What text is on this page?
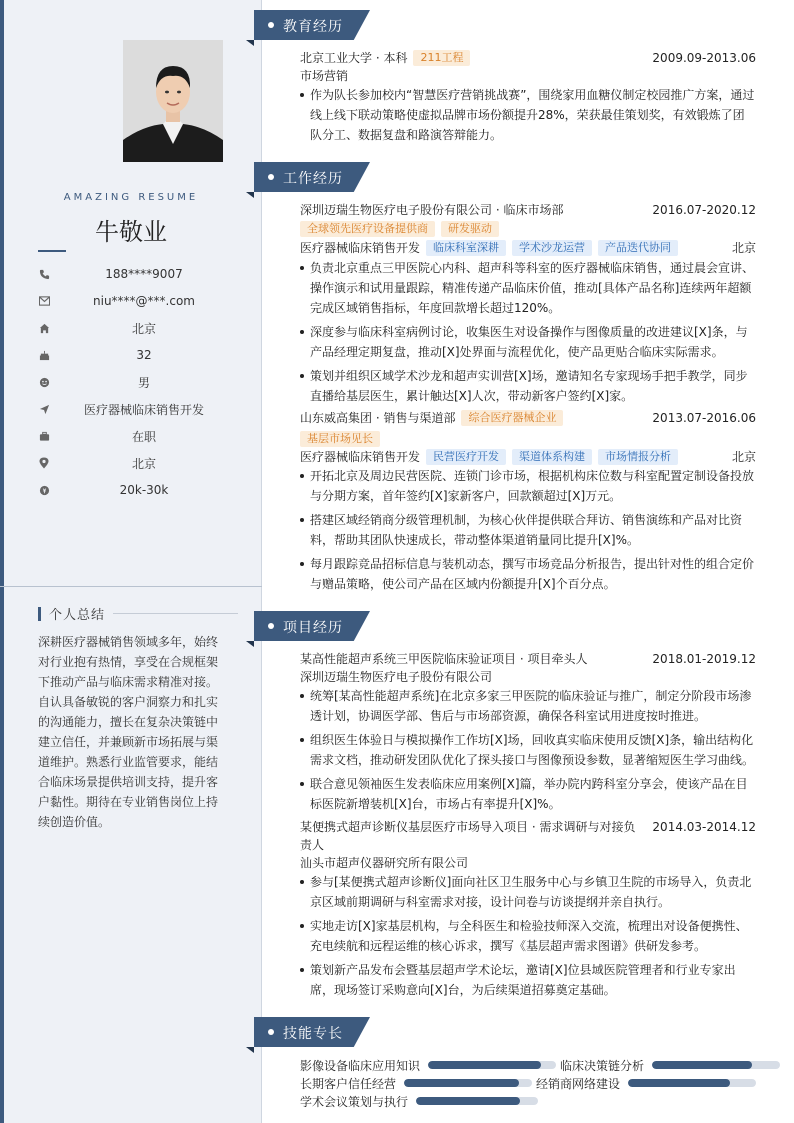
AMAZING RESUME
牛敬业
188****9007
niu****@***.com
北京
32
男
医疗器械临床销售开发
在职
北京
20k-30k
个人总结
深耕医疗器械销售领域多年，始终对行业抱有热情，享受在合规框架下推动产品与临床需求精准对接。自认具备敏锐的客户洞察力和扎实的沟通能力，擅长在复杂决策链中建立信任，并兼顾新市场拓展与渠道维护。熟悉行业监管要求，能结合临床场景提供培训支持，提升客户黏性。期待在专业销售岗位上持续创造价值。
教育经历
北京工业大学 · 本科	211工程	2009.09-2013.06
市场营销
作为队长参加校内“智慧医疗营销挑战赛”，围绕家用血糖仪制定校园推广方案，通过线上线下联动策略使虚拟品牌市场份额提升28%，荣获最佳策划奖，有效锻炼了团队分工、数据复盘和路演答辩能力。
工作经历
深圳迈瑞生物医疗电子股份有限公司 · 临床市场部	2016.07-2020.12
全球领先医疗设备提供商	研发驱动
医疗器械临床销售开发	临床科室深耕	学术沙龙运营	产品迭代协同	北京
负责北京重点三甲医院心内科、超声科等科室的医疗器械临床销售，通过晨会宣讲、操作演示和试用量跟踪，精准传递产品临床价值，推动[具体产品名称]连续两年超额完成区域销售指标，年度回款增长超过120%。
深度参与临床科室病例讨论，收集医生对设备操作与图像质量的改进建议[X]条，与产品经理定期复盘，推动[X]处界面与流程优化，使产品更贴合临床实际需求。
策划并组织区域学术沙龙和超声实训营[X]场，邀请知名专家现场手把手教学，同步直播给基层医生，累计触达[X]人次，带动新客户签约[X]家。
山东威高集团 · 销售与渠道部	综合医疗器械企业	2013.07-2016.06
基层市场见长
医疗器械临床销售开发	民营医疗开发	渠道体系构建	市场情报分析	北京
开拓北京及周边民营医院、连锁门诊市场，根据机构床位数与科室配置定制设备投放与分期方案，首年签约[X]家新客户，回款额超过[X]万元。
搭建区域经销商分级管理机制，为核心伙伴提供联合拜访、销售演练和产品对比资料，帮助其团队快速成长，带动整体渠道销量同比提升[X]%。
每月跟踪竞品招标信息与装机动态，撰写市场竞品分析报告，提出针对性的组合定价与赠品策略，使公司产品在区域内份额提升[X]个百分点。
项目经历
某高性能超声系统三甲医院临床验证项目 · 项目牵头人	2018.01-2019.12
深圳迈瑞生物医疗电子股份有限公司
统筹[某高性能超声系统]在北京多家三甲医院的临床验证与推广，制定分阶段市场渗透计划，协调医学部、售后与市场部资源，确保各科室试用进度按时推进。
组织医生体验日与模拟操作工作坊[X]场，回收真实临床使用反馈[X]条，输出结构化需求文档，推动研发团队优化了探头接口与图像预设参数，显著缩短医生学习曲线。
联合意见领袖医生发表临床应用案例[X]篇，举办院内跨科室分享会，使该产品在目标医院新增装机[X]台，市场占有率提升[X]%。
某便携式超声诊断仪基层医疗市场导入项目 · 需求调研与对接负 2014.03-2014.12
责人
汕头市超声仪器研究所有限公司
参与[某便携式超声诊断仪]面向社区卫生服务中心与乡镇卫生院的市场导入，负责北京区域前期调研与科室需求对接，设计问卷与访谈提纲并亲自执行。
实地走访[X]家基层机构，与全科医生和检验技师深入交流，梳理出对设备便携性、充电续航和远程运维的核心诉求，撰写《基层超声需求图谱》供研发参考。
策划新产品发布会暨基层超声学术论坛，邀请[X]位县域医院管理者和行业专家出席，现场签订采购意向[X]台，为后续渠道招募奠定基础。
技能专长
影像设备临床应用知识	临床决策链分析
长期客户信任经营	经销商网络建设
学术会议策划与执行
